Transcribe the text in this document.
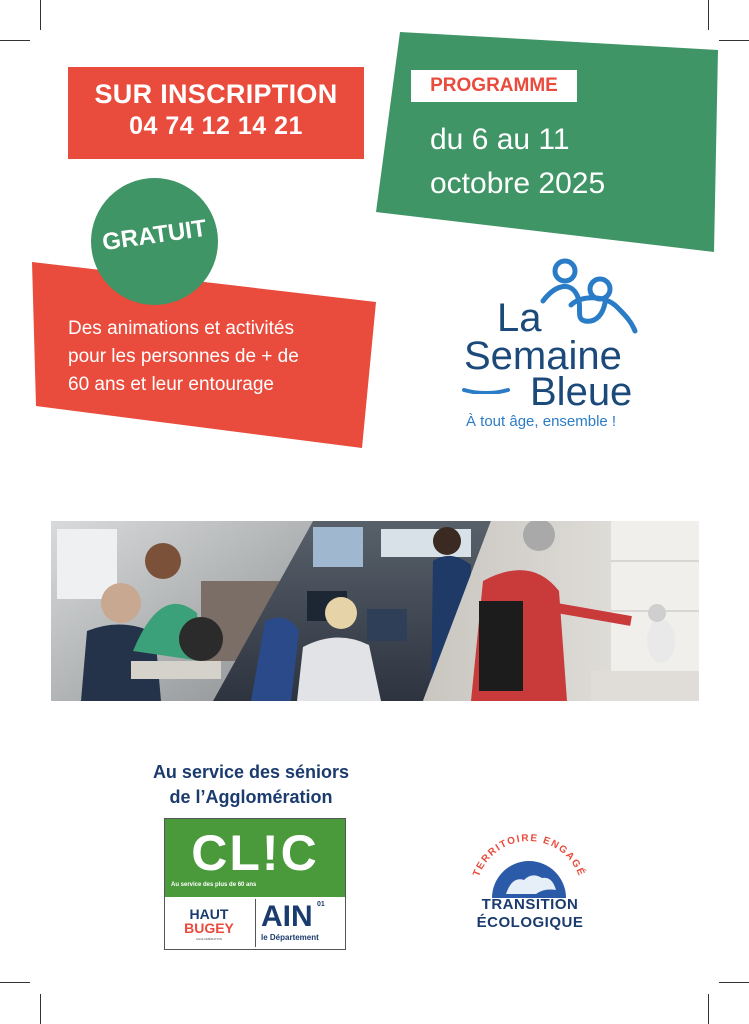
SUR INSCRIPTION
04 74 12 14 21
PROGRAMME
du 6 au 11
octobre 2025
GRATUIT
Des animations et activités
pour les personnes de + de
60 ans et leur entourage
La
Semaine
Bleue
À tout âge, ensemble !
Au service des séniors
de l’Agglomération
CL!C
Au service des plus de 60 ans
HAUT
BUGEY
AGGLOMÉRATION
AIN 01
le Département
TERRITOIRE ENGAGÉ
TRANSITION
ÉCOLOGIQUE
